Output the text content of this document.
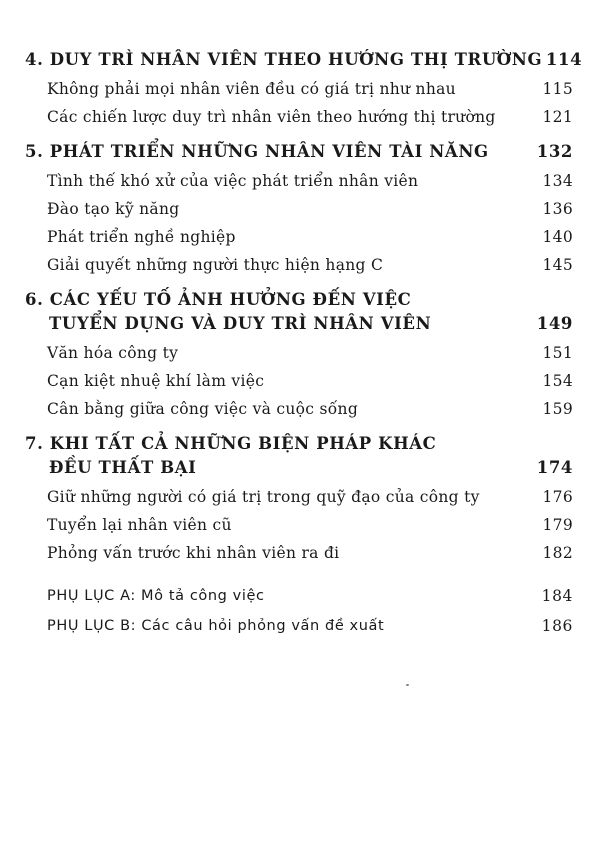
4. DUY TRÌ NHÂN VIÊN THEO HƯỚNG THỊ TRƯỜNG 114
Không phải mọi nhân viên đều có giá trị như nhau	115
Các chiến lược duy trì nhân viên theo hướng thị trường	121
5. PHÁT TRIỂN NHỮNG NHÂN VIÊN TÀI NĂNG	132
Tình thế khó xử của việc phát triển nhân viên	134
Đào tạo kỹ năng	136
Phát triển nghề nghiệp	140
Giải quyết những người thực hiện hạng C	145
6. CÁC YẾU TỐ ẢNH HƯỞNG ĐẾN VIỆC
TUYỂN DỤNG VÀ DUY TRÌ NHÂN VIÊN	149
Văn hóa công ty	151
Cạn kiệt nhuệ khí làm việc	154
Cân bằng giữa công việc và cuộc sống	159
7. KHI TẤT CẢ NHỮNG BIỆN PHÁP KHÁC
ĐỀU THẤT BẠI	174
Giữ những người có giá trị trong quỹ đạo của công ty	176
Tuyển lại nhân viên cũ	179
Phỏng vấn trước khi nhân viên ra đi	182
PHỤ LỤC A: Mô tả công việc	184
PHỤ LỤC B: Các câu hỏi phỏng vấn đề xuất	186
